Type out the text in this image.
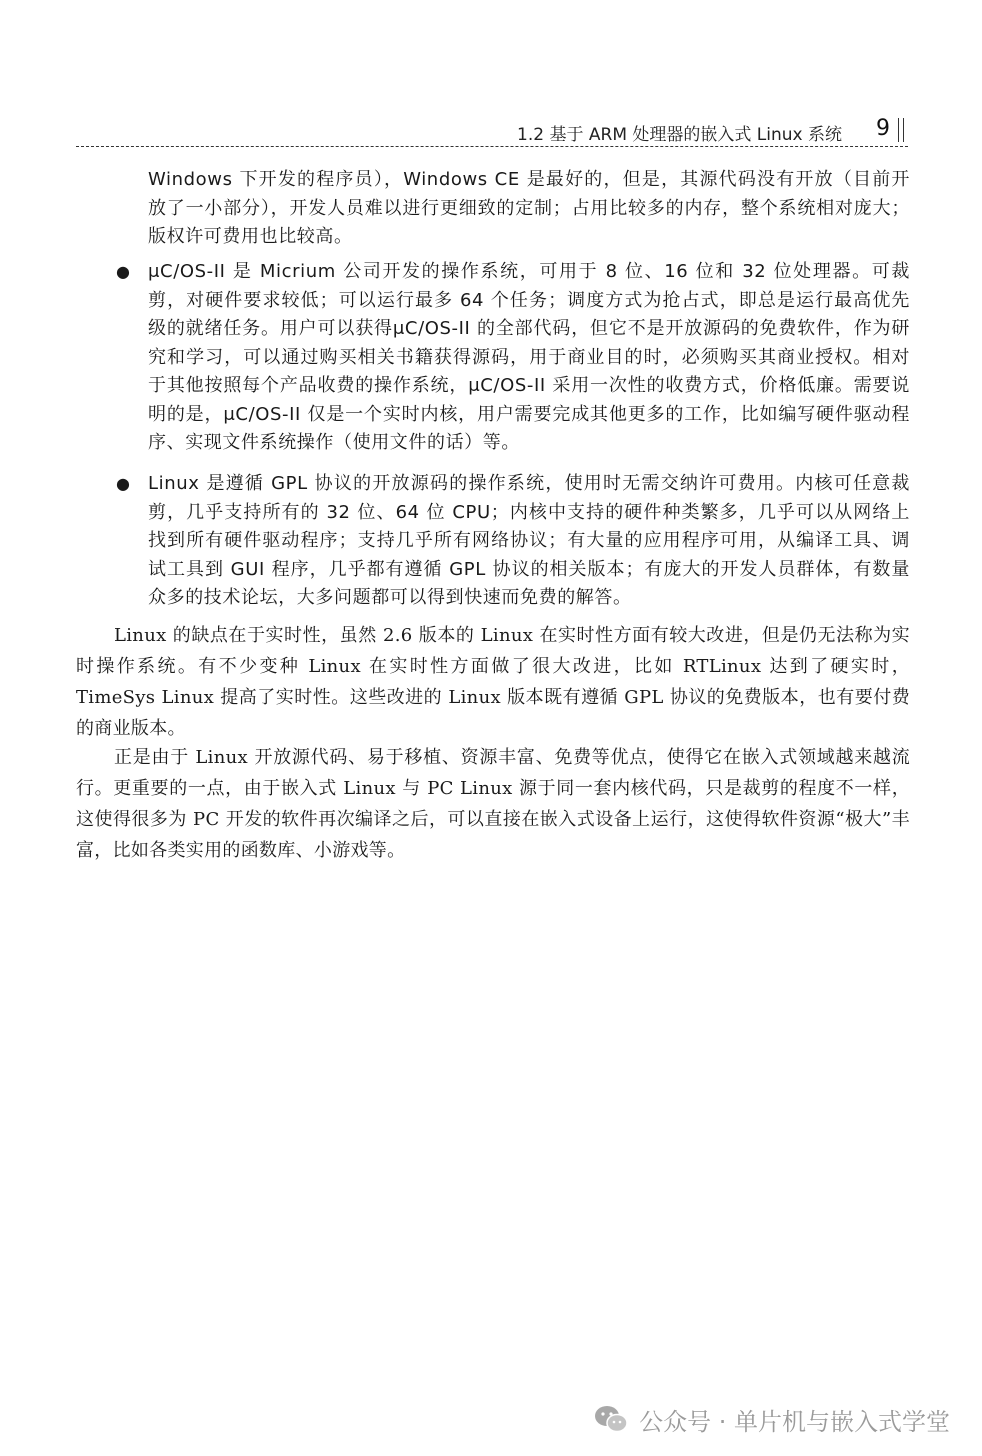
1.2 基于 ARM 处理器的嵌入式 Linux 系统 9
Windows 下开发的程序员），Windows CE 是最好的，但是，其源代码没有开放（目前开放了一小部分），开发人员难以进行更细致的定制；占用比较多的内存，整个系统相对庞大；版权许可费用也比较高。
● μC/OS-II 是 Micrium 公司开发的操作系统，可用于 8 位、16 位和 32 位处理器。可裁剪，对硬件要求较低；可以运行最多 64 个任务；调度方式为抢占式，即总是运行最高优先级的就绪任务。用户可以获得μC/OS-II 的全部代码，但它不是开放源码的免费软件，作为研究和学习，可以通过购买相关书籍获得源码，用于商业目的时，必须购买其商业授权。相对于其他按照每个产品收费的操作系统，μC/OS-II 采用一次性的收费方式，价格低廉。需要说明的是，μC/OS-II 仅是一个实时内核，用户需要完成其他更多的工作，比如编写硬件驱动程序、实现文件系统操作（使用文件的话）等。
● Linux 是遵循 GPL 协议的开放源码的操作系统，使用时无需交纳许可费用。内核可任意裁剪，几乎支持所有的 32 位、64 位 CPU；内核中支持的硬件种类繁多，几乎可以从网络上找到所有硬件驱动程序；支持几乎所有网络协议；有大量的应用程序可用，从编译工具、调试工具到 GUI 程序，几乎都有遵循 GPL 协议的相关版本；有庞大的开发人员群体，有数量众多的技术论坛，大多问题都可以得到快速而免费的解答。
Linux 的缺点在于实时性，虽然 2.6 版本的 Linux 在实时性方面有较大改进，但是仍无法称为实时操作系统。有不少变种 Linux 在实时性方面做了很大改进，比如 RTLinux 达到了硬实时，TimeSys Linux 提高了实时性。这些改进的 Linux 版本既有遵循 GPL 协议的免费版本，也有要付费的商业版本。
正是由于 Linux 开放源代码、易于移植、资源丰富、免费等优点，使得它在嵌入式领域越来越流行。更重要的一点，由于嵌入式 Linux 与 PC Linux 源于同一套内核代码，只是裁剪的程度不一样，这使得很多为 PC 开发的软件再次编译之后，可以直接在嵌入式设备上运行，这使得软件资源“极大”丰富，比如各类实用的函数库、小游戏等。
公众号 · 单片机与嵌入式学堂
